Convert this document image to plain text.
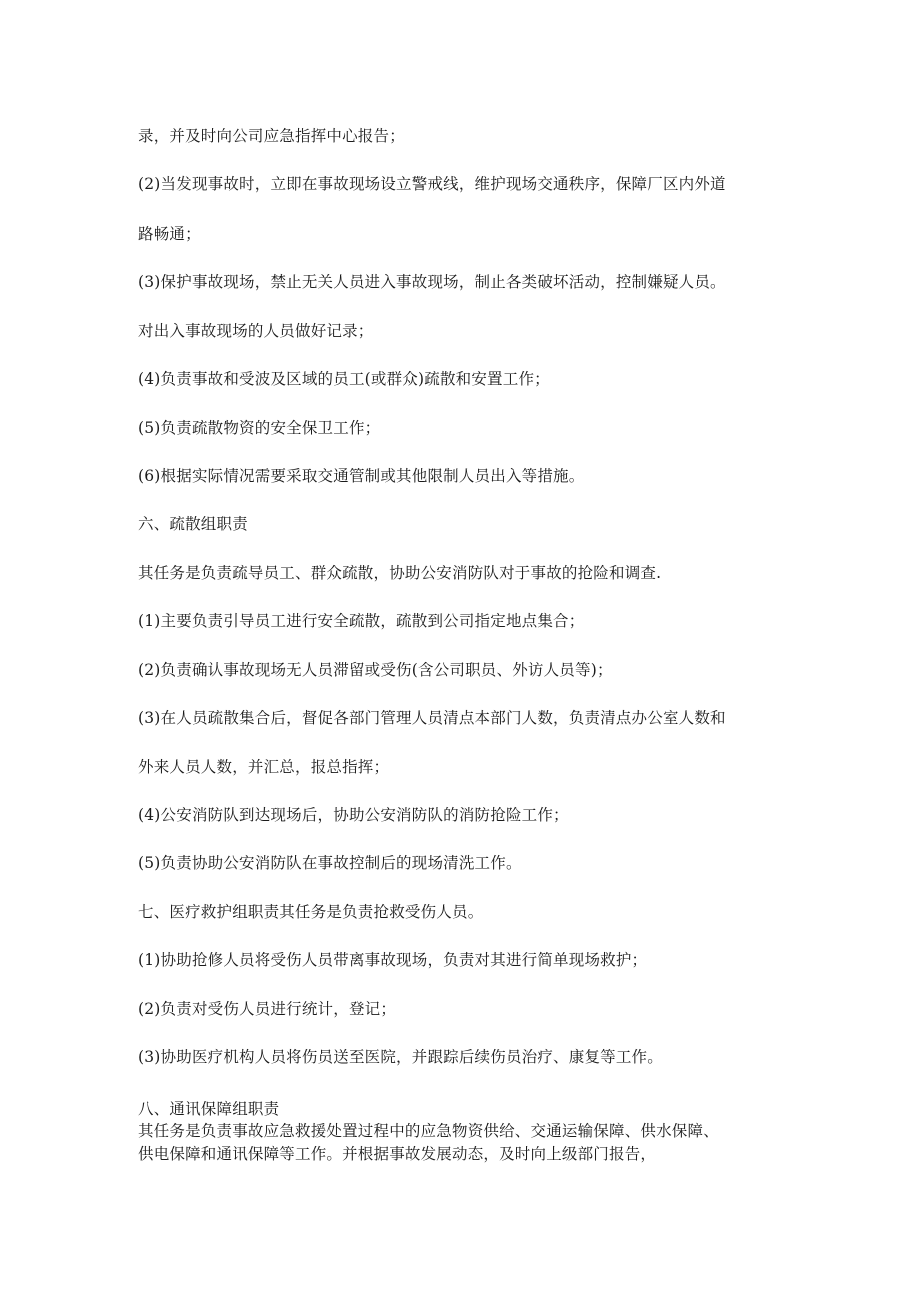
录，并及时向公司应急指挥中心报告；
(2)当发现事故时，立即在事故现场设立警戒线，维护现场交通秩序，保障厂区内外道
路畅通；
(3)保护事故现场，禁止无关人员进入事故现场，制止各类破坏活动，控制嫌疑人员。
对出入事故现场的人员做好记录；
(4)负责事故和受波及区域的员工(或群众)疏散和安置工作；
(5)负责疏散物资的安全保卫工作；
(6)根据实际情况需要采取交通管制或其他限制人员出入等措施。
六、疏散组职责
其任务是负责疏导员工、群众疏散，协助公安消防队对于事故的抢险和调查.
(1)主要负责引导员工进行安全疏散，疏散到公司指定地点集合；
(2)负责确认事故现场无人员滞留或受伤(含公司职员、外访人员等)；
(3)在人员疏散集合后，督促各部门管理人员清点本部门人数，负责清点办公室人数和
外来人员人数，并汇总，报总指挥；
(4)公安消防队到达现场后，协助公安消防队的消防抢险工作；
(5)负责协助公安消防队在事故控制后的现场清洗工作。
七、医疗救护组职责其任务是负责抢救受伤人员。
(1)协助抢修人员将受伤人员带离事故现场，负责对其进行简单现场救护；
(2)负责对受伤人员进行统计，登记；
(3)协助医疗机构人员将伤员送至医院，并跟踪后续伤员治疗、康复等工作。
八、通讯保障组职责
其任务是负责事故应急救援处置过程中的应急物资供给、交通运输保障、供水保障、
供电保障和通讯保障等工作。并根据事故发展动态，及时向上级部门报告，
